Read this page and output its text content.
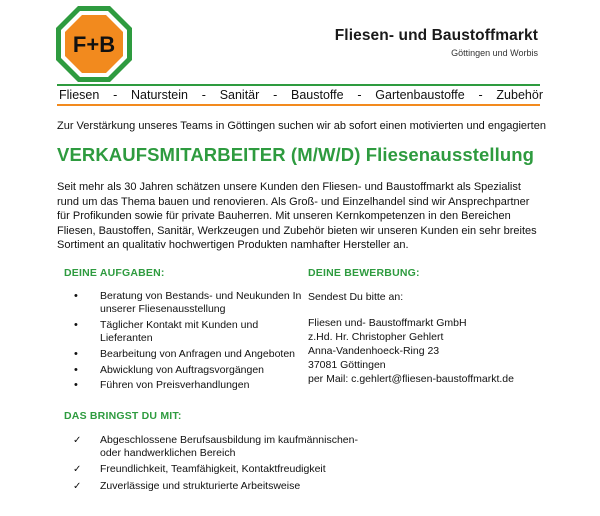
F+B	Fliesen- und Baustoffmarkt
Göttingen und Worbis
Fliesen - Naturstein - Sanitär - Baustoffe - Gartenbaustoffe - Zubehör
Zur Verstärkung unseres Teams in Göttingen suchen wir ab sofort einen motivierten und engagierten
VERKAUFSMITARBEITER (M/W/D) Fliesenausstellung
Seit mehr als 30 Jahren schätzen unsere Kunden den Fliesen- und Baustoffmarkt als Spezialist
rund um das Thema bauen und renovieren. Als Groß- und Einzelhandel sind wir Ansprechpartner
für Profikunden sowie für private Bauherren. Mit unseren Kernkompetenzen in den Bereichen
Fliesen, Baustoffen, Sanitär, Werkzeugen und Zubehör bieten wir unseren Kunden ein sehr breites
Sortiment an qualitativ hochwertigen Produkten namhafter Hersteller an.
DEINE AUFGABEN:
• Beratung von Bestands- und Neukunden In unserer Fliesenausstellung
• Täglicher Kontakt mit Kunden und Lieferanten
• Bearbeitung von Anfragen und Angeboten
• Abwicklung von Auftragsvorgängen
• Führen von Preisverhandlungen
DEINE BEWERBUNG:
Sendest Du bitte an:
Fliesen und- Baustoffmarkt GmbH
z.Hd. Hr. Christopher Gehlert
Anna-Vandenhoeck-Ring 23
37081 Göttingen
per Mail: c.gehlert@fliesen-baustoffmarkt.de
DAS BRINGST DU MIT:
✓ Abgeschlossene Berufsausbildung im kaufmännischen- oder handwerklichen Bereich
✓ Freundlichkeit, Teamfähigkeit, Kontaktfreudigkeit
✓ Zuverlässige und strukturierte Arbeitsweise
